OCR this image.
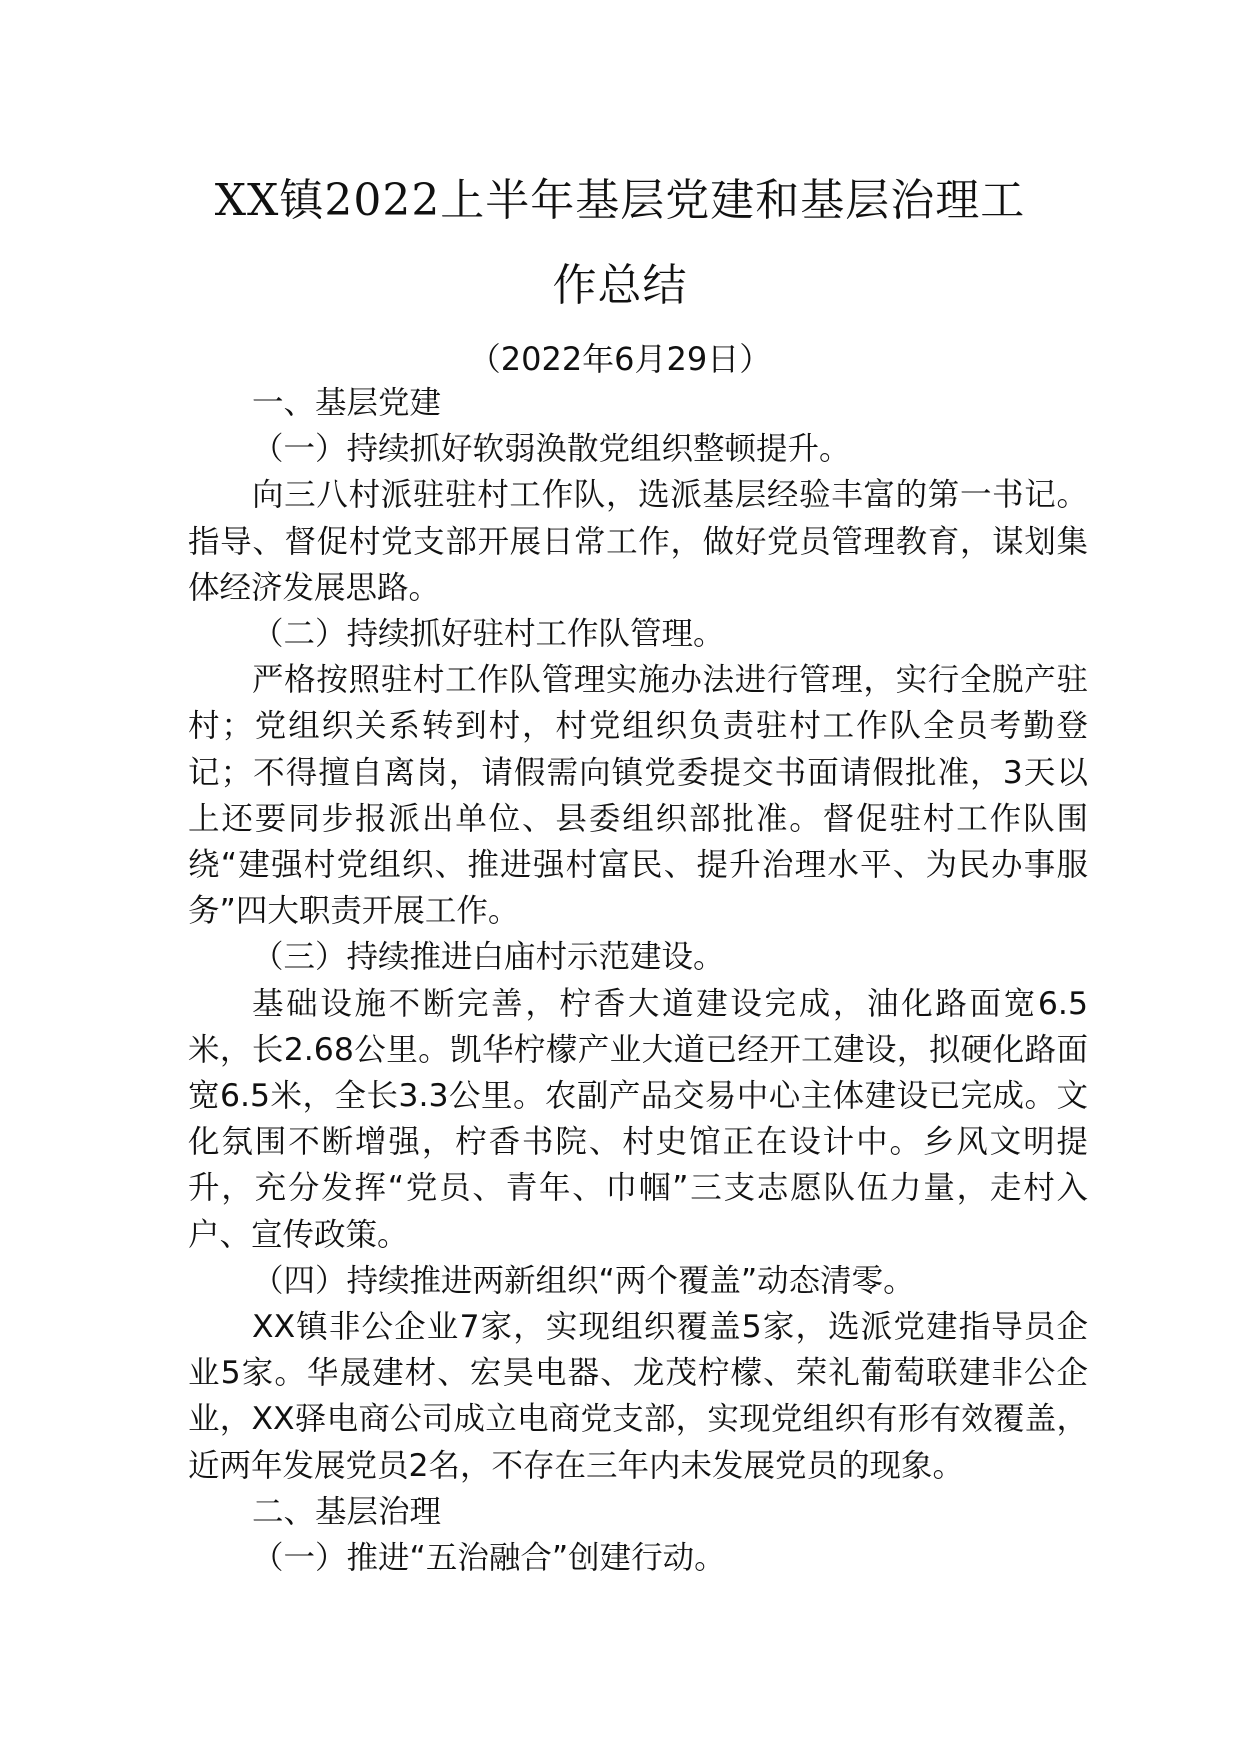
XX镇2022上半年基层党建和基层治理工
作总结
（2022年6月29日）

一、基层党建

（一）持续抓好软弱涣散党组织整顿提升。

向三八村派驻驻村工作队，选派基层经验丰富的第一书记。指导、督促村党支部开展日常工作，做好党员管理教育，谋划集体经济发展思路。

（二）持续抓好驻村工作队管理。

严格按照驻村工作队管理实施办法进行管理，实行全脱产驻村；党组织关系转到村，村党组织负责驻村工作队全员考勤登记；不得擅自离岗，请假需向镇党委提交书面请假批准，3天以上还要同步报派出单位、县委组织部批准。督促驻村工作队围绕“建强村党组织、推进强村富民、提升治理水平、为民办事服务”四大职责开展工作。

（三）持续推进白庙村示范建设。

基础设施不断完善，柠香大道建设完成，油化路面宽6.5米，长2.68公里。凯华柠檬产业大道已经开工建设，拟硬化路面宽6.5米，全长3.3公里。农副产品交易中心主体建设已完成。文化氛围不断增强，柠香书院、村史馆正在设计中。乡风文明提升，充分发挥“党员、青年、巾帼”三支志愿队伍力量，走村入户、宣传政策。

（四）持续推进两新组织“两个覆盖”动态清零。

XX镇非公企业7家，实现组织覆盖5家，选派党建指导员企业5家。华晟建材、宏昊电器、龙茂柠檬、荣礼葡萄联建非公企业，XX驿电商公司成立电商党支部，实现党组织有形有效覆盖，近两年发展党员2名，不存在三年内未发展党员的现象。

二、基层治理

（一）推进“五治融合”创建行动。
